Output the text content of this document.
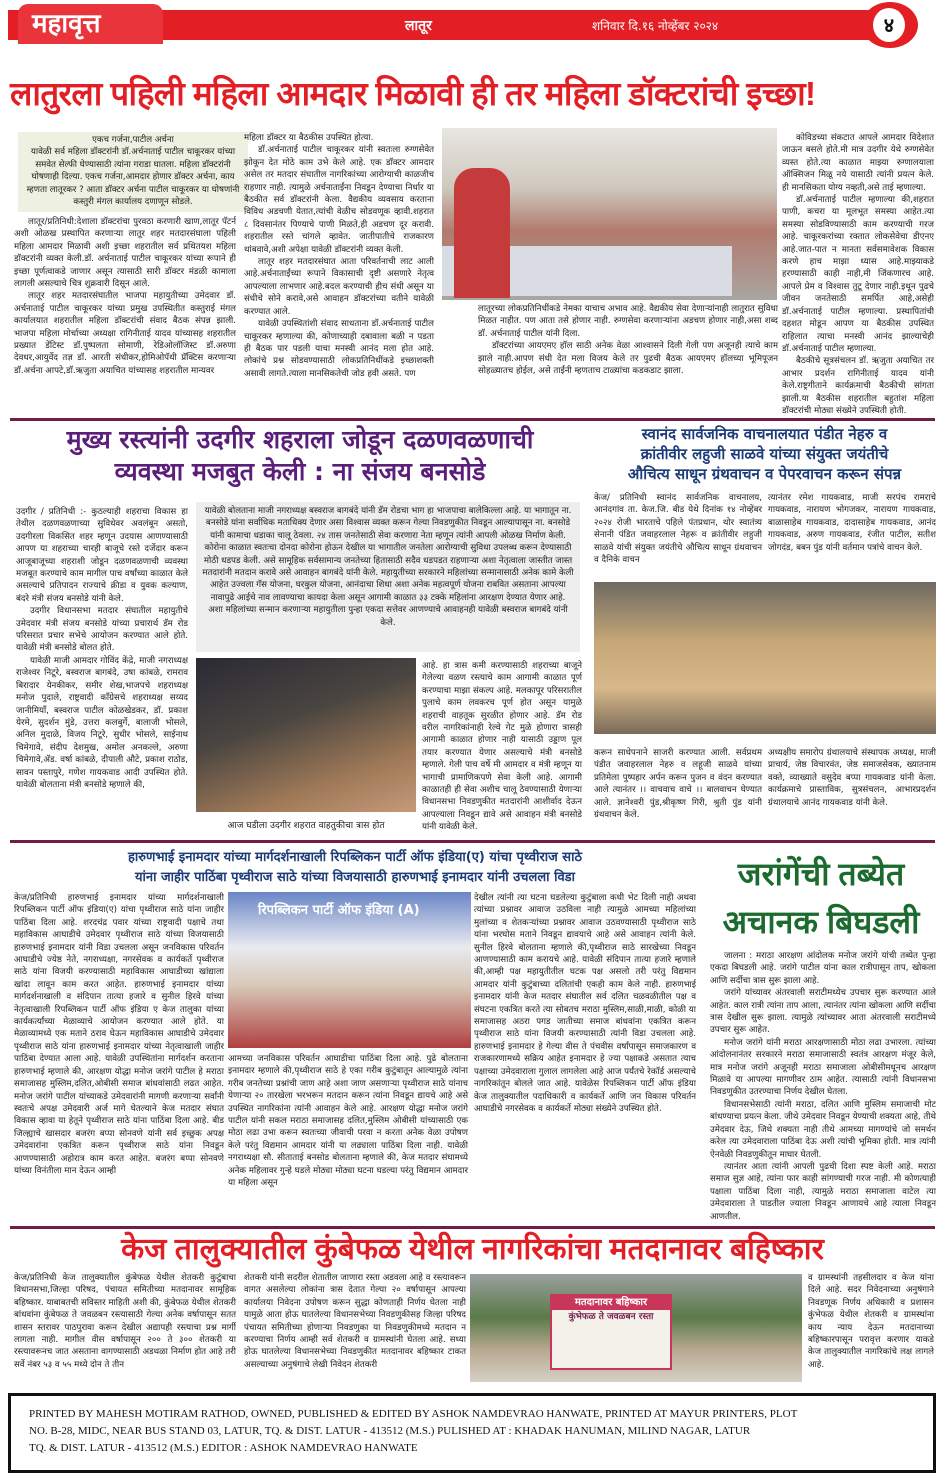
महावृत्त	लातूर	शनिवार दि.१६ नोव्हेंबर २०२४	४
लातुरला पहिली महिला आमदार मिळावी ही तर महिला डॉक्टरांची इच्छा!
एकच गर्जना,पाटील अर्चना
यावेळी सर्व महिला डॉक्टरांनी डॉ.अर्चनाताई पाटील चाकूरकर यांच्या समवेत सेल्फी घेण्यासाठी त्यांना गराडा घातला. महिला डॉक्टरांनी घोषणाही दिल्या. एकच गर्जना,आमदार होणार डॉक्टर अर्चना, काय म्हणता लातूरकर ? आता डॉक्टर अर्चना पाटील चाकूरकर या घोषणांनी कस्तुरी मंगल कार्यालय दणाणून सोडले.

लातूर/प्रतिनिधी:देशाला डॉक्टरांचा पुरवठा करणारी खाण,लातूर पॅटर्न अशी ओळख प्रस्थापित करणाऱ्या लातूर शहर मतदारसंघाला पहिली महिला आमदार मिळावी अशी इच्छा शहरातील सर्व प्रथितयश महिला डॉक्टरांनी व्यक्त केली.डॉ. अर्चनाताई पाटील चाकूरकर यांच्या रूपाने ही इच्छा पूर्णत्वाकडे जाणार असून त्यासाठी सारी डॉक्टर मंडळी कामाला लागली असल्याचे चित्र शुक्रवारी दिसून आले.

लातूर शहर मतदारसंघातील भाजपा महायुतीच्या उमेदवार डॉ. अर्चनाताई पाटील चाकूरकर यांच्या प्रमुख उपस्थितीत कस्तुराई मंगल कार्यालयात शहरातील महिला डॉक्टरांची संवाद बैठक संपन्न झाली. भाजपा महिला मोर्चाच्या अध्यक्षा रागिनीताई यादव यांच्यासह शहरातील प्रख्यात डेंटिस्ट डॉ.पुष्पलता सोमाणी, रेडिओलॉजिस्ट डॉ.अरुणा देवधर,आयुर्वेद तज्ञ डॉ. आरती संधीकर,होमिओपॅथी प्रॅक्टिस करणाऱ्या डॉ.अर्चना आपटे,डॉ.ऋजुता अयाचित यांच्यासह शहरातील मान्यवर

महिला डॉक्टर या बैठकीस उपस्थित होत्या.

डॉ.अर्चनाताई पाटील चाकूरकर यांनी स्वतःला रुग्णसेवेत झोकून देत मोठे काम उभे केले आहे. एक डॉक्टर आमदार असेल तर मतदार संघातील नागरिकांच्या आरोग्याची काळजीच राहणार नाही. त्यामुळे अर्चनाताईंना निवडून देण्याचा निर्धार या बैठकीत सर्व डॉक्टरांनी केला. वैद्यकीय व्यवसाय करताना विविध अडचणी येतात,त्यांची वेळीच सोडवणूक व्हावी.शहरात ८ दिवसानंतर पिण्याचे पाणी मिळते,ही अडचण दूर करावी. शहरातील रस्ते चांगले व्हावेत. जातीपातीचे राजकारण थांबवावे,अशी अपेक्षा यावेळी डॉक्टरांनी व्यक्त केली.

लातूर शहर मतदारसंघात आता परिवर्तनाची लाट आली आहे.अर्चनाताईंच्या रूपाने विकासाची दृष्टी असणारे नेतृत्व आपल्याला लाभणार आहे.बदल करण्याची हीच संधी असून या संधीचे सोने करावे,असे आवाहन डॉक्टरांच्या वतीने यावेळी करण्यात आले.

यावेळी उपस्थितांशी संवाद साधताना डॉ.अर्चनाताई पाटील चाकूरकर म्हणाल्या की, कोणाच्याही दबावाला बळी न पडता ही बैठक पार पडली याचा मनस्वी आनंद मला होत आहे. लोकांचे प्रश्न सोडवण्यासाठी लोकप्रतिनिधींकडे इच्छाशक्ती असावी लागते.त्याला मानसिकतेची जोड हवी असते. पण

लातूरच्या लोकप्रतिनिधींकडे नेमका याचाच अभाव आहे. वैद्यकीय सेवा देणाऱ्यांनाही लातुरात सुविधा मिळत नाहीत. पण आता तसे होणार नाही. रुग्णसेवा करणाऱ्यांना अडचण होणार नाही,असा शब्द डॉ. अर्चनाताई पाटील यांनी दिला.

डॉक्टरांच्या आयएमए हॉल साठी अनेक वेळा आश्वासने दिली गेली पण अजूनही त्याचे काम झाले नाही.आपण संधी देत मला विजय केले तर पुढची बैठक आयएमए हॉलच्या भूमिपूजन सोहळ्यातच होईल, असे ताईंनी म्हणताच टाळ्यांचा कडकडाट झाला.

कोविडच्या संकटात आपले आमदार विदेशात जाऊन बसले होते.मी मात्र उदगीर येथे रुग्णसेवेत व्यस्त होते.त्या काळात माझ्या रुग्णालयाला ऑक्सिजन मिळू नये यासाठी त्यांनी प्रयत्न केले. ही मानसिकता योग्य नव्हती,असे ताई म्हणाल्या.

डॉ.अर्चनाताई पाटील म्हणाल्या की,शहरात पाणी, कचरा या मूलभूत समस्या आहेत.त्या समस्या सोडविण्यासाठी काम करण्याची गरज आहे. चाकूरकरांच्या रक्तात लोकसेवेचा डीएनए आहे.जात-पात न मानता सर्वसमावेशक विकास करणे हाच माझा ध्यास आहे.माझ्याकडे हरण्यासाठी काही नाही,मी जिंकणारच आहे. आपले प्रेम व विश्वास तुटू देणार नाही.इथून पुढचे जीवन जनतेसाठी समर्पित आहे,असेही डॉ.अर्चनाताई पाटील म्हणाल्या. प्रस्थापितांची दहशत मोडून आपण या बैठकीस उपस्थित राहिलात त्याचा मनस्वी आनंद झाल्याचेही डॉ.अर्चनाताई पाटील म्हणाल्या.

बैठकीचे सूत्रसंचलन डॉ. ऋजुता अयाचित तर आभार प्रदर्शन रागिनीताई यादव यांनी केले.राष्ट्रगीताने कार्यक्रमाची बैठकीची सांगता झाली.या बैठकीस शहरातील बहुतांश महिला डॉक्टरांची मोठ्या संख्येने उपस्थिती होती.

मुख्य रस्त्यांनी उदगीर शहराला जोडून दळणवळणाची
व्यवस्था मजबुत केली : ना संजय बनसोडे

उदगीर / प्रतिनिधी :- कुठल्याही शहराचा विकास हा तेथील दळणवळणाच्या सुविधेवर अवलंबून असतो, उदगीरला विकसित शहर म्हणून उदयास आणण्यासाठी आपण या शहराच्या चारही बाजूचे रस्ते दर्जेदार करून आजूबाजूच्या शहराशी जोडून दळणवळणाची व्यवस्था मजबूत करण्याचे काम मागील पाच वर्षांच्या काळात केले असल्याचे प्रतिपादन राज्याचे क्रीडा व युवक कल्याण, बंदरे मंत्री संजय बनसोडे यांनी केले.

उदगीर विधानसभा मतदार संघातील महायुतीचे उमेदवार मंत्री संजय बनसोडे यांच्या प्रचारार्थ डॅम रोड परिसरात प्रचार सभेचे आयोजन करण्यात आले होते. यावेळी मंत्री बनसोडे बोलत होते.

यावेळी माजी आमदार गोविंद केंद्रे, माजी नगराध्यक्ष राजेश्वर निटूरे, बस्वराज बागबंदे, उषा कांबळे, रामराव बिरादार येनकीकर, समीर शेख,भाजपचे शहराध्यक्ष मनोज पुदाले, राष्ट्रवादी काँग्रेसचे शहराध्यक्ष सय्यद जानीमियाँ, बस्वराज पाटील कोळखेडकर, डॉ. प्रकाश येरमे, सुदर्शन मुंडे, उत्तरा कलबुर्गे, बालाजी भोसले, अनिल मुदाळे, विजय निटूरे, सुधीर भोसले, साईनाथ चिमेगावे, संदीप देशमुख, अमोल अनकल्ले, अरुणा चिमेगावे,ॲड. वर्षा कांबळे, दीपाली औटे, प्रकाश राठोड, सावन पस्तापुरे, गणेश गायकवाड आदी उपस्थित होते. यावेळी बोलताना मंत्री बनसोडे म्हणाले की,

यावेळी बोलताना माजी नगराध्यक्ष बस्वराज बागबंदे यांनी डॅम रोडचा भाग हा भाजपाचा बालेकिल्ला आहे. या भागातून ना. बनसोडे यांना सर्वाधिक मताधिक्य देणार असा विश्वास व्यक्त करून गेल्या निवडणुकीत निवडून आल्यापासून ना. बनसोडे यांनी कामाचा धडाका चालू ठेवला. २४ तास जनतेसाठी सेवा करणारा नेता म्हणून त्यांनी आपली ओळख निर्माण केली. कोरोना काळात स्वतःचा दोनदा कोरोना होऊन देखील या भागातील जनतेला आरोग्याची सुविधा उपलब्ध करून देण्यासाठी मोठी धडपड केली. असे सामूहिक सर्वसामान्य जनतेच्या हितासाठी सदैव धडपडत राहणाऱ्या अशा नेतृत्वाला जास्तीत जास्त मतदारांनी मतदान करावे असे आवाहन बागबंदे यांनी केले. महायुतीच्या सरकारने महिलांच्या सन्मानासाठी अनेक कामे केली आहेत उज्वला गॅस योजना, घरकुल योजना, आनंदाचा शिधा अशा अनेक महत्वपूर्ण योजना राबवित असताना आपल्या नावापुढे आईचे नाव लावण्याचा कायदा केला असून आगामी काळात ३३ टक्के महिलांना आरक्षण देण्यात येणार आहे. अशा महिलांच्या सन्मान करणाऱ्या महायुतीला पुन्हा एकदा सत्तेवर आणण्याचे आवाहनही यावेळी बस्वराज बागबंदे यांनी केले.
आज घडीला उदगीर शहरात वाहतुकीचा त्रास होत

आहे. हा त्रास कमी करण्यासाठी शहराच्या बाजूने गेलेल्या वळण रस्त्याचे काम आगामी काळात पूर्ण करण्याचा माझा संकल्प आहे. मलकापूर परिसरातील पुलाचे काम लवकरच पूर्ण होत असून यामुळे शहराची वाहतूक सुरळीत होणार आहे. डॅम रोड वरील नागरिकांनाही रेल्वे गेट मुळे होणारा त्रासही आगामी काळात होणार नाही यासाठी उड्डाण पूल तयार करण्यात येणार असल्याचे मंत्री बनसोडे म्हणाले. गेली पाच वर्षे मी आमदार व मंत्री म्हणून या भागाची प्रामाणिकपणे सेवा केली आहे. आगामी काळातही ही सेवा अशीच चालू ठेवण्यासाठी येणाऱ्या विधानसभा निवडणुकीत मतदारांनी आशीर्वाद देऊन आपल्याला निवडून द्यावे असे आवाहन मंत्री बनसोडे यांनी यावेळी केले.

स्वानंद सार्वजनिक वाचनालयात पंडीत नेहरु व
क्रांतीवीर लहुजी साळवे यांच्या संयुक्त जयंतीचे
औचित्य साधून ग्रंथवाचन व पेपरवाचन करून संपन्न
केज/ प्रतिनिधी स्वानंद सार्वजनिक वाचनालय, आनंदगांव ता. केज.जि. बीड येथे दिनांक १४ नोव्हेंबर २०२४ रोजी भारताचे पहिले पंतप्रधान, थोर स्वातंत्र्य सेनानी पंडित जवाहरलाल नेहरू व क्रांतीवीर लहुजी साळवे यांची संयुक्त जयंतीचे औचित्य साधून ग्रंथवाचन व दैनिके वाचन
त्यानंतर रमेश गायकवाड, माजी सरपंच रामराचे गायकवाड, नारायण भोगजकर, नारायण गायकवाड, बाळासाहेब गायकवाड, दादासाहेब गायकवाड, आनंद गायकवाड, अरुण गायकवाड, रंजीत पाटील, सतीश जोगदंड, बबन पुंड यांनी वर्तमान पत्रांचे वाचन केले.
करून साधेपनाने साजरी करण्यात आली. सर्वप्रथम पंडीत जवाहरलाल नेहरु व लहूजी साळवे यांच्या प्रतिमेला पुष्पहार अर्पन करून पुजन व वंदन करण्यात आले त्यानंतर ।। वाचवाच वाचे ।। बालवाचन घेण्यात आले. ज्ञानेश्वरी पुंड,श्रीकृष्ण गिरी, श्रुती पुंड यांनी ग्रंथवाचन केले.
अध्यक्षीय समारोप ग्रंथालयाचे संस्थापक अध्यक्ष, माजी प्राचार्य, जेष्ठ विचारवंत, जेष्ठ समाजसेवक, ख्यातनाम वक्ते, व्याख्याते वसुदेव बप्पा गायकवाड यांनी केला. कार्यक्रमाचे प्रास्ताविक, सुत्रसंचलन, आभारप्रदर्शन ग्रंथालयाचे आनंद गायकवाड यांनी केले.
हारुणभाई इनामदार यांच्या मार्गदर्शनाखाली रिपब्लिकन पार्टी ऑफ इंडिया(ए) यांचा पृथ्वीराज साठे
यांना जाहीर पाठिंबा पृथ्वीराज साठे यांच्या विजयासाठी हारुणभाई इनामदार यांनी उचलला विडा

केज/प्रतिनिधी हारुणभाई इनामदार यांच्या मार्गदर्शनाखाली रिपब्लिकन पार्टी ऑफ इंडिया(ए) यांचा पृथ्वीराज साठे यांना जाहीर पाठिंबा दिला आहे. शरदचंद्र पवार यांच्या राष्ट्रवादी पक्षाचे तथा महाविकास आघाडीचे उमेदवार पृथ्वीराज साठे यांच्या विजयासाठी हारुणभाई इनामदार यांनी विडा उचलला असून जनविकास परिवर्तन आघाडीचे ज्येष्ठ नेते, नगराध्यक्षा, नगरसेवक व कार्यकर्ते पृथ्वीराज साठे यांना विजयी करण्यासाठी महाविकास आघाडीच्या खांद्याला खांदा लावून काम करत आहेत. हारुणभाई इनामदार यांच्या मार्गदर्शनाखाली व संदिपान तात्या हजारे व सुनील हिरवे यांच्या नेतृत्वाखाली रिपब्लिकन पार्टी ऑफ इंडिया ए केज तालुका यांच्या कार्यकर्त्यांच्या मेळाव्याचे आयोजन करण्यात आले होते. या मेळाव्यामध्ये एक मताने ठराव घेऊन महाविकास आघाडीचे उमेदवार पृथ्वीराज साठे यांना हारुणभाई इनामदार यांच्या नेतृत्वाखाली जाहीर पाठिंबा देण्यात आला आहे. यावेळी उपस्थितांना मार्गदर्शन करताना हारुणभाई म्हणाले की, आरक्षण योद्धा मनोज जरांगे पाटील हे मराठा समाजासह मुस्लिम,दलित,ओबीसी समाज बांधवांसाठी लढत आहेत. मनोज जरांगे पाटील यांच्याकडे उमेदवारांनी मागणी करणाऱ्या सर्वांनी स्वतःचे अपक्ष उमेदवारी अर्ज मागे घेतल्याने केज मतदार संघात विकास व्हावा या हेतूने पृथ्वीराज साठे यांना पाठिंबा दिला आहे. बीड जिल्ह्याचे खासदार बजरंग बप्पा सोनवणे यांनी सर्व इच्छुक अपक्ष उमेदवारांना एकत्रित करून पृथ्वीराज साठे यांना निवडून आणण्यासाठी अहोरात्र काम करत आहेत. बजरंग बप्पा सोनवणे यांच्या विनंतीला मान देऊन आम्ही

रिपब्लिकन पार्टी ऑफ इंडिया (A)

आमच्या जनविकास परिवर्तन आघाडीचा पाठिंबा दिला आहे. पुढे बोलताना इनामदार म्हणाले की,पृथ्वीराज साठे हे एका गरीब कुटुंबातून आल्यामुळे त्यांना गरीब जनतेच्या प्रश्नांची जाण आहे अशा जाण असणाऱ्या पृथ्वीराज साठे यांनाच येणाऱ्या २० तारखेला भरभरून मतदान करून त्यांना निवडून द्यायचे आहे असे उपस्थित नागरिकांना त्यांनी आवाहन केले आहे. आरक्षण योद्धा मनोज जरांगे पाटील यांनी सकल मराठा समाजासह दलित,मुस्लिम ओबीसी यांच्यासाठी एक मोठा लढा उभा करून स्वतःच्या जीवाची परवा न करता अनेक वेळा उपोषण केले परंतु विद्यमान आमदार यांनी या लढ्याला पाठिंबा दिला नाही. यावेळी नगराध्यक्षा सौ. सीताताई बनसोड बोलताना म्हणाले की, केज मतदार संघामध्ये अनेक महिलावर गुन्हे घडले मोठ्या मोठ्या घटना घडल्या परंतु विद्यमान आमदार या महिला असून

देखील त्यांनी त्या घटना घडलेल्या कुटुंबाला कधी भेट दिली नाही अथवा त्यांच्या प्रश्नावर आवाज उठविला नाही त्यामुळे आमच्या महिलांच्या मुलांच्या व शेतकऱ्यांच्या प्रश्नावर आवाज उठवण्यासाठी पृथ्वीराज साठे यांना भरघोस मताने निवडून द्यावयाचे आहे असे आवाहन त्यांनी केले. सुनील हिरवे बोलताना म्हणाले की,पृथ्वीराज साठे सारखेच्या निवडून आणण्यासाठी काम करायचे आहे. यावेळी संदिपान तात्या हजारे म्हणाले की,आम्ही पक्ष महायुतीतील घटक पक्ष असलो तरी परंतु विद्यमान आमदार यांनी कुटुंबाच्या दलितांची एकही काम केले नाही. हारुणभाई इनामदार यांनी केज मतदार संघातील सर्व दलित चळवळीतील पक्ष व संघटना एकत्रित करते त्या सोबतच मराठा मुस्लिम,साळी,माळी, कोळी या समाजासह अठरा पगड जातीच्या समाज बांधवांना एकत्रित करून पृथ्वीराज साठे यांना विजयी करण्यासाठी त्यांनी विडा उचलला आहे. हारुणभाई इनामदार हे गेल्या वीस ते पंचवीस वर्षांपासून समाजकारण व राजकारणामध्ये सक्रिय आहेत इनामदार हे ज्या पक्षाकडे असतात त्याच पक्षाच्या उमेदवाराला गुलाल लागलेला आहे आज पर्यंतचे रेकॉर्ड असल्याचे नागरिकांतून बोलले जात आहे. यावेळेस रिपब्लिकन पार्टी ऑफ इंडिया केज तालुक्यातील पदाधिकारी व कार्यकर्ते आणि जन विकास परिवर्तन आघाडीचे नगरसेवक व कार्यकर्ते मोठ्या संख्येने उपस्थित होते.

जरांगेंची तब्येत
अचानक बिघडली

जालना : मराठा आरक्षण आंदोलक मनोज जरांगे यांची तब्येत पुन्हा एकदा बिघडली आहे. जरांगे पाटील यांना काल रात्रीपासून ताप, खोकला आणि सर्दीचा त्रास सुरू झाला आहे.

जरांगे यांच्यावर अंतरवाली सराटीमध्येच उपचार सुरू करण्यात आले आहेत. काल रात्री त्यांना ताप आला, त्यानंतर त्यांना खोकला आणि सर्दीचा त्रास देखील सुरू झाला. त्यामुळे त्यांच्यावर आता अंतरवाली सराटीमध्ये उपचार सुरू आहेत.

मनोज जरांगे यांनी मराठा आरक्षणासाठी मोठा लढा उभारला. त्यांच्या आंदोलनानंतर सरकारने मराठा समाजासाठी स्वतंत्र आरक्षण मंजूर केले, मात्र मनोज जरांगे अजूनही मराठा समाजाला ओबीसीमधूनच आरक्षण मिळावे या आपल्या मागणीवर ठाम आहेत. त्यासाठी त्यांनी विधानसभा निवडणुकीत उतरण्याचा निर्णय देखील घेतला.

विधानसभेसाठी त्यांनी मराठा, दलित आणि मुस्लिम समाजाची मोट बांधण्याचा प्रयत्न केला. जीथे उमेदवार निवडून येण्याची शक्यता आहे, तीथे उमेदवार देऊ, जिथे शक्यता नाही तीथे आमच्या मागण्यांचे जो समर्थन करेल त्या उमेदवाराला पाठिंबा देऊ अशी त्यांची भूमिका होती. मात्र त्यांनी ऐनवेळी निवडणुकीतून माघार घेतली.

त्यानंतर आता त्यांनी आपली पुढची दिशा स्पष्ट केली आहे. मराठा समाज सुज्ञ आहे, त्यांना फार काही सांगण्याची गरज नाही. मी कोणत्याही पक्षाला पाठिंबा दिला नाही, त्यामुळे मराठा समाजाला वाटेल त्या उमेदवाराला ते पाडतील ज्याला निवडून आणायचे आहे त्याला निवडून आणतील.

केज तालुक्यातील कुंबेफळ येथील नागरिकांचा मतदानावर बहिष्कार
केज/प्रतिनिधी केज तालुक्यातील कुंबेफळ येथील शेतकरी कुटुंबाचा विधानसभा,जिल्हा परिषद, पंचायत समितीच्या मतदानावर सामूहिक बहिष्कार. याबाबतची सविस्तर माहिती अशी की, कुंबेफळ येथील शेतकरी बांधवांना कुंबेफळ ते जवळबन रस्त्यासाठी गेल्या अनेक वर्षापासून सतत शासन स्तरावर पाठपुरावा करून देखील अद्यापही रस्त्याचा प्रश्न मार्गी लागला नाही. मागील वीस वर्षापासून २०० ते ३०० शेतकरी या रस्त्यावरूनच जात असताना वागण्यासाठी अडथळा निर्माण होत आहे तरी सर्वे नंबर ५३ व ५५ मध्ये दोन ते तीन
शेतकरी यांनी सदरील शेतातील जाणारा रस्ता अडवला आहे व रस्त्यावरून वागत असलेल्या लोकांना त्रास देतात गेल्या २० वर्षापासून आपल्या कार्यालया निवेदना उपोषण करून सुद्धा कोणताही निर्णय घेतला नाही यामुळे आता होऊ घातलेल्या विधानसभेच्या निवडणुकीसह जिल्हा परिषद पंचायत समितीच्या होणाऱ्या निवडणुका या निवडणुकीमध्ये मतदान न करण्याचा निर्णय आम्ही सर्व शेतकरी व ग्रामस्थांनी घेतला आहे. सध्या होऊ घातलेल्या विधानसभेच्या निवडणुकीत मतदानावर बहिष्कार टाकत असल्याच्या अनुषंगाचे लेखी निवेदन शेतकरी
मतदानावर बहिष्कार
कुंभेफळ ते जवळबन रस्ता
व ग्रामस्थांनी तहसीलदार व केज यांना दिले आहे. सदर निवेदनाच्या अनुषंगाने निवडणूक निर्णय अधिकारी व प्रशासन कुंभेफळ येथील शेतकरी व ग्रामस्थांना काय न्याय देऊन मतदानाच्या बहिष्कारपासून परावृत्त करणार याकडे केज तालुक्यातील नागरिकांचे लक्ष लागले आहे.
PRINTED BY MAHESH MOTIRAM RATHOD, OWNED, PUBLISHED & EDITED BY ASHOK NAMDEVRAO HANWATE, PRINTED AT MAYUR PRINTERS, PLOT
NO. B-28, MIDC, NEAR BUS STAND 03, LATUR, TQ. & DIST. LATUR - 413512 (M.S.) PULISHED AT : KHADAK HANUMAN, MILIND NAGAR, LATUR
TQ. & DIST. LATUR - 413512 (M.S.) EDITOR : ASHOK NAMDEVRAO HANWATE
